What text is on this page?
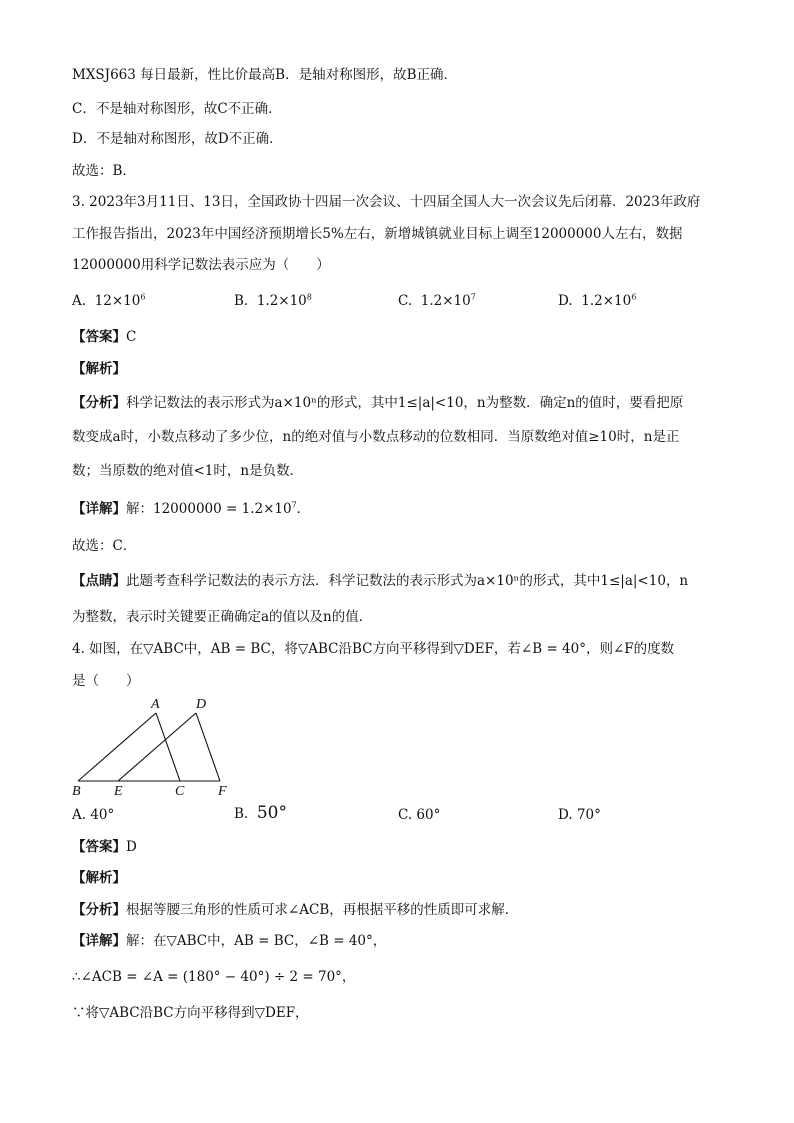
MXSJ663 每日最新，性比价最高B．是轴对称图形，故B正确．
C．不是轴对称图形，故C不正确．
D．不是轴对称图形，故D不正确．
故选：B．
3. 2023年3月11日、13日，全国政协十四届一次会议、十四届全国人大一次会议先后闭幕．2023年政府
工作报告指出，2023年中国经济预期增长5%左右，新增城镇就业目标上调至12000000人左右，数据
12000000用科学记数法表示应为（　　）
A. $12\times 10^6$	B. $1.2\times 10^8$	C. $1.2\times 10^7$	D. $1.2\times 10^6$
【答案】C
【解析】
【分析】科学记数法的表示形式为a×10ⁿ的形式，其中1≤|a|<10，n为整数．确定n的值时，要看把原
数变成a时，小数点移动了多少位，n的绝对值与小数点移动的位数相同．当原数绝对值≥10时，n是正
数；当原数的绝对值<1时，n是负数．
【详解】解：$12000000 = 1.2\times 10^7$．
故选：C．
【点睛】此题考查科学记数法的表示方法．科学记数法的表示形式为a×10ⁿ的形式，其中1≤|a|<10，n
为整数，表示时关键要正确确定a的值以及n的值．
4. 如图，在▽ABC中，AB = BC，将▽ABC沿BC方向平移得到▽DEF，若∠B = 40°，则∠F的度数
是（　　）
A	D
B E	C F
A. 40°	B. 50°	C. 60°	D. 70°
【答案】D
【解析】
【分析】根据等腰三角形的性质可求∠ACB，再根据平移的性质即可求解．
【详解】解：在▽ABC中，AB = BC，∠B = 40°，
∴∠ACB = ∠A = (180° − 40°) ÷ 2 = 70°，
∵将▽ABC沿BC方向平移得到▽DEF，
